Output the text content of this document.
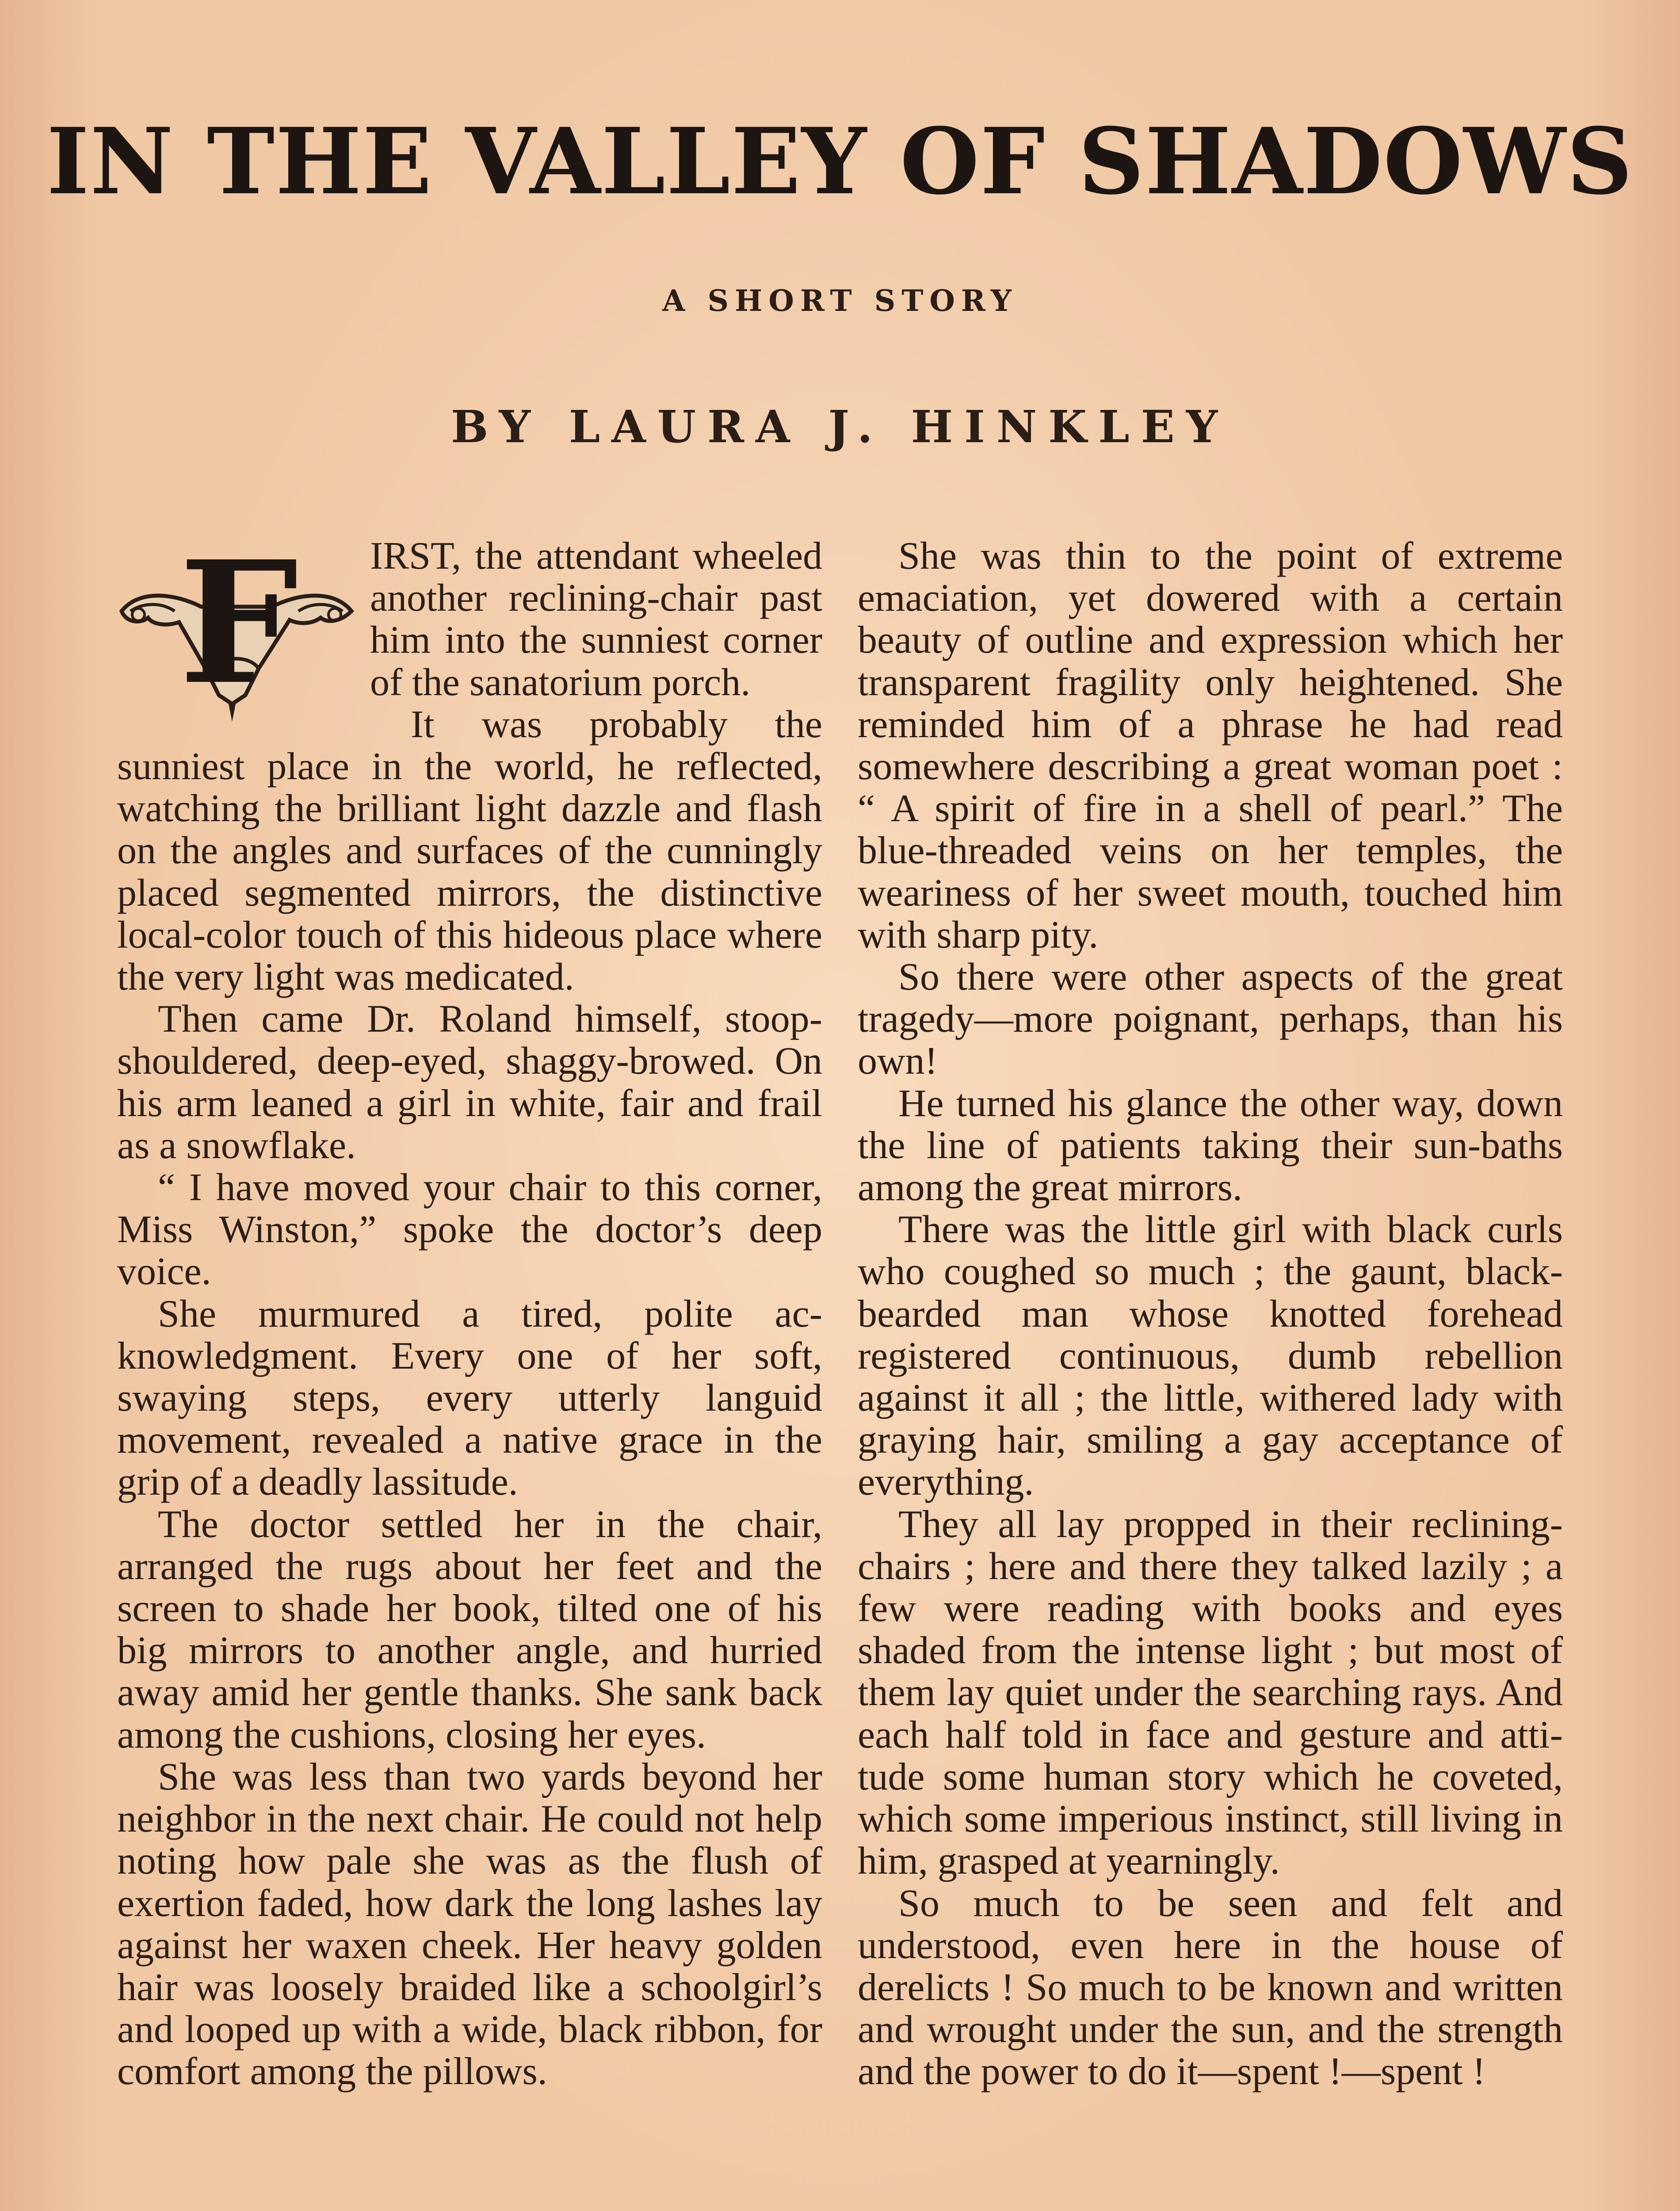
IN THE VALLEY OF SHADOWS
A SHORT STORY
BY LAURA J. HINKLEY
F	IRST, the attendant wheeled another reclining-chair past him into the sunniest corner of the sanatorium porch.

It was probably the sunniest place in the world, he reflected, watching the brilliant light dazzle and flash on the angles and surfaces of the cunningly placed segmented mirrors, the distinctive local-color touch of this hideous place where the very light was medicated.

Then came Dr. Roland himself, stoop-shouldered, deep-eyed, shaggy-browed. On his arm leaned a girl in white, fair and frail as a snowflake.

“ I have moved your chair to this corner, Miss Winston,” spoke the doctor’s deep voice.

She murmured a tired, polite acknowledgment. Every one of her soft, swaying steps, every utterly languid movement, revealed a native grace in the grip of a deadly lassitude.

The doctor settled her in the chair, arranged the rugs about her feet and the screen to shade her book, tilted one of his big mirrors to another angle, and hurried away amid her gentle thanks. She sank back among the cushions, closing her eyes.

She was less than two yards beyond her neighbor in the next chair. He could not help noting how pale she was as the flush of exertion faded, how dark the long lashes lay against her waxen cheek. Her heavy golden hair was loosely braided like a schoolgirl’s and looped up with a wide, black ribbon, for comfort among the pillows.

She was thin to the point of extreme emaciation, yet dowered with a certain beauty of outline and expression which her transparent fragility only heightened. She reminded him of a phrase he had read somewhere describing a great woman poet : “ A spirit of fire in a shell of pearl.” The blue-threaded veins on her temples, the weariness of her sweet mouth, touched him with sharp pity.

So there were other aspects of the great tragedy—more poignant, perhaps, than his own!

He turned his glance the other way, down the line of patients taking their sun-baths among the great mirrors.

There was the little girl with black curls who coughed so much ; the gaunt, black-bearded man whose knotted forehead registered continuous, dumb rebellion against it all ; the little, withered lady with graying hair, smiling a gay acceptance of everything.

They all lay propped in their reclining-chairs ; here and there they talked lazily ; a few were reading with books and eyes shaded from the intense light ; but most of them lay quiet under the searching rays. And each half told in face and gesture and attitude some human story which he coveted, which some imperious instinct, still living in him, grasped at yearningly.

So much to be seen and felt and understood, even here in the house of derelicts ! So much to be known and written and wrought under the sun, and the strength and the power to do it—spent !—spent !
